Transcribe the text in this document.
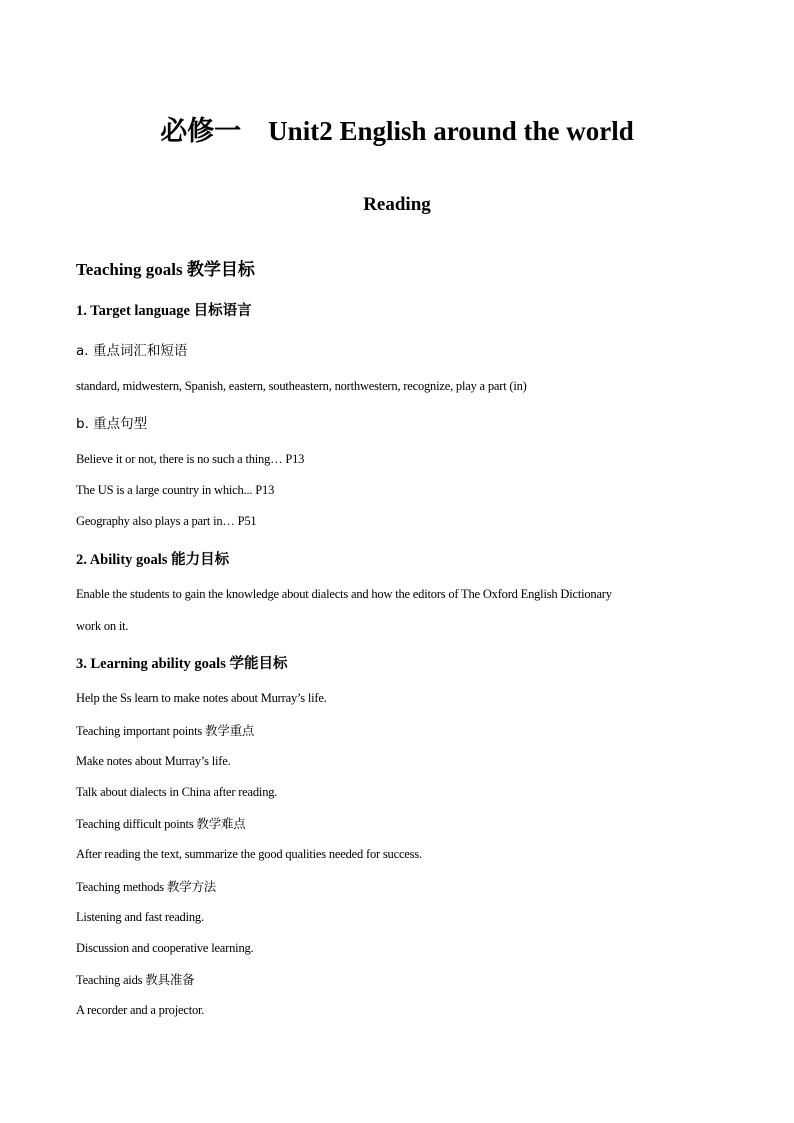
必修一　Unit2 English around the world
Reading
Teaching goals 教学目标
1. Target language 目标语言
a. 重点词汇和短语
standard, midwestern, Spanish, eastern, southeastern, northwestern, recognize, play a part (in)
b. 重点句型
Believe it or not, there is no such a thing… P13
The US is a large country in which... P13
Geography also plays a part in… P51
2. Ability goals 能力目标
Enable the students to gain the knowledge about dialects and how the editors of The Oxford English Dictionary
work on it.
3. Learning ability goals 学能目标
Help the Ss learn to make notes about Murray’s life.
Teaching important points 教学重点
Make notes about Murray’s life.
Talk about dialects in China after reading.
Teaching difficult points 教学难点
After reading the text, summarize the good qualities needed for success.
Teaching methods 教学方法
Listening and fast reading.
Discussion and cooperative learning.
Teaching aids 教具准备
A recorder and a projector.
